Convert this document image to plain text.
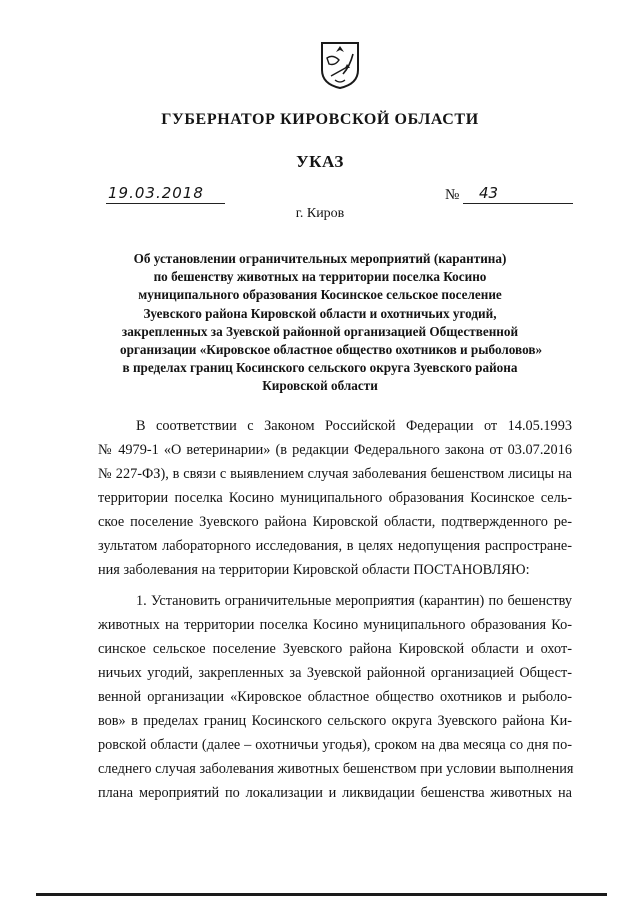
ГУБЕРНАТОР КИРОВСКОЙ ОБЛАСТИ
УКАЗ
19.03.2018	№	43
г. Киров
Об установлении ограничительных мероприятий (карантина)
по бешенству животных на территории поселка Косино
муниципального образования Косинское сельское поселение
Зуевского района Кировской области и охотничьих угодий,
закрепленных за Зуевской районной организацией Общественной
организации «Кировское областное общество охотников и рыболовов»
в пределах границ Косинского сельского округа Зуевского района
Кировской области
В соответствии с Законом Российской Федерации от 14.05.1993
№ 4979-1 «О ветеринарии» (в редакции Федерального закона от 03.07.2016
№ 227-ФЗ), в связи с выявлением случая заболевания бешенством лисицы на
территории поселка Косино муниципального образования Косинское сель-
ское поселение Зуевского района Кировской области, подтвержденного ре-
зультатом лабораторного исследования, в целях недопущения распростране-
ния заболевания на территории Кировской области ПОСТАНОВЛЯЮ:
1. Установить ограничительные мероприятия (карантин) по бешенству
животных на территории поселка Косино муниципального образования Ко-
синское сельское поселение Зуевского района Кировской области и охот-
ничьих угодий, закрепленных за Зуевской районной организацией Общест-
венной организации «Кировское областное общество охотников и рыболо-
вов» в пределах границ Косинского сельского округа Зуевского района Ки-
ровской области (далее – охотничьи угодья), сроком на два месяца со дня по-
следнего случая заболевания животных бешенством при условии выполнения
плана мероприятий по локализации и ликвидации бешенства животных на
